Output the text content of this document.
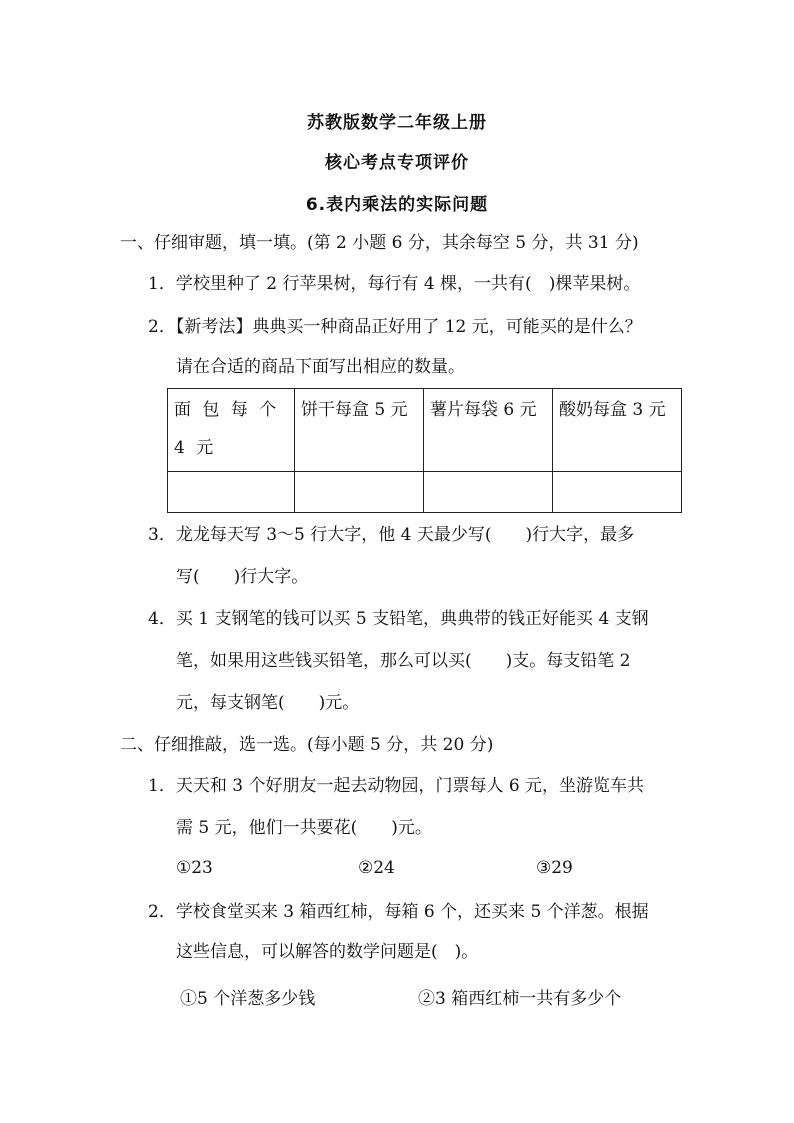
苏教版数学二年级上册
核心考点专项评价
6.表内乘法的实际问题
一、仔细审题，填一填。(第 2 小题 6 分，其余每空 5 分，共 31 分)
1．学校里种了 2 行苹果树，每行有 4 棵，一共有(　)棵苹果树。
2．【新考法】典典买一种商品正好用了 12 元，可能买的是什么？
请在合适的商品下面写出相应的数量。
面 包 每 个 4 元	饼干每盒 5 元	薯片每袋 6 元	酸奶每盒 3 元

3．龙龙每天写 3～5 行大字，他 4 天最少写(　　)行大字，最多
写(　　)行大字。
4．买 1 支钢笔的钱可以买 5 支铅笔，典典带的钱正好能买 4 支钢
笔，如果用这些钱买铅笔，那么可以买(　　)支。每支铅笔 2
元，每支钢笔(　　)元。
二、仔细推敲，选一选。(每小题 5 分，共 20 分)
1．天天和 3 个好朋友一起去动物园，门票每人 6 元，坐游览车共
需 5 元，他们一共要花(　　)元。
①23	②24	③29
2．学校食堂买来 3 箱西红柿，每箱 6 个，还买来 5 个洋葱。根据
这些信息，可以解答的数学问题是(　)。
①5 个洋葱多少钱	②3 箱西红柿一共有多少个
